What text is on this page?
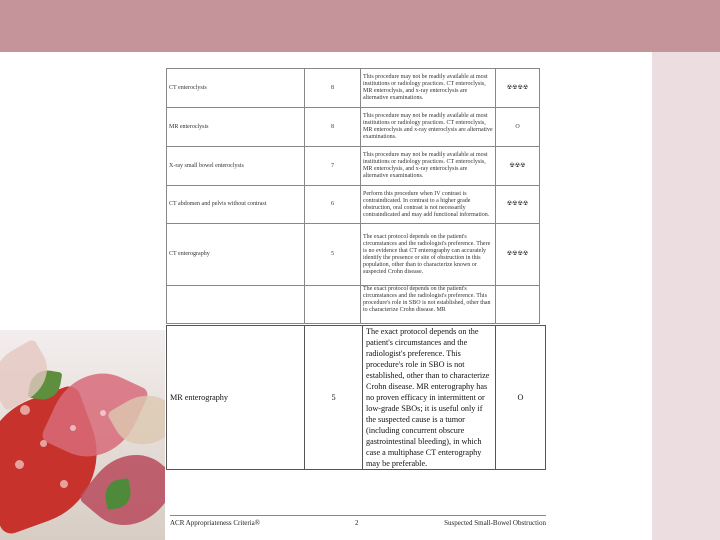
CT enteroclysis	8	This procedure may not be readily available at most institutions or radiology practices. CT enteroclysis, MR enteroclysis, and x-ray enteroclysis are alternative examinations.	☢☢☢☢
MR enteroclysis	8	This procedure may not be readily available at most institutions or radiology practices. CT enteroclysis, MR enteroclysis and x-ray enteroclysis are alternative examinations.	O
X-ray small bowel enteroclysis	7	This procedure may not be readily available at most institutions or radiology practices. CT enteroclysis, MR enteroclysis, and x-ray enteroclysis are alternative examinations.	☢☢☢
CT abdomen and pelvis without contrast	6	Perform this procedure when IV contrast is contraindicated. In contrast to a higher grade obstruction, oral contrast is not necessarily contraindicated and may add functional information.	☢☢☢☢
CT enterography	5	The exact protocol depends on the patient's circumstances and the radiologist's preference. There is no evidence that CT enterography can accurately identify the presence or site of obstruction in this population, other than to characterize known or suspected Crohn disease.	☢☢☢☢
		The exact protocol depends on the patient's circumstances and the radiologist's preference. This procedure's role in SBO is not established, other than to characterize Crohn disease. MR	
MR enterography	5	The exact protocol depends on the patient's circumstances and the radiologist's preference. This procedure's role in SBO is not established, other than to characterize Crohn disease. MR enterography has no proven efficacy in intermittent or low-grade SBOs; it is useful only if the suspected cause is a tumor (including concurrent obscure gastrointestinal bleeding), in which case a multiphase CT enterography may be preferable.	O
ACR Appropriateness Criteria®	2	Suspected Small-Bowel Obstruction
